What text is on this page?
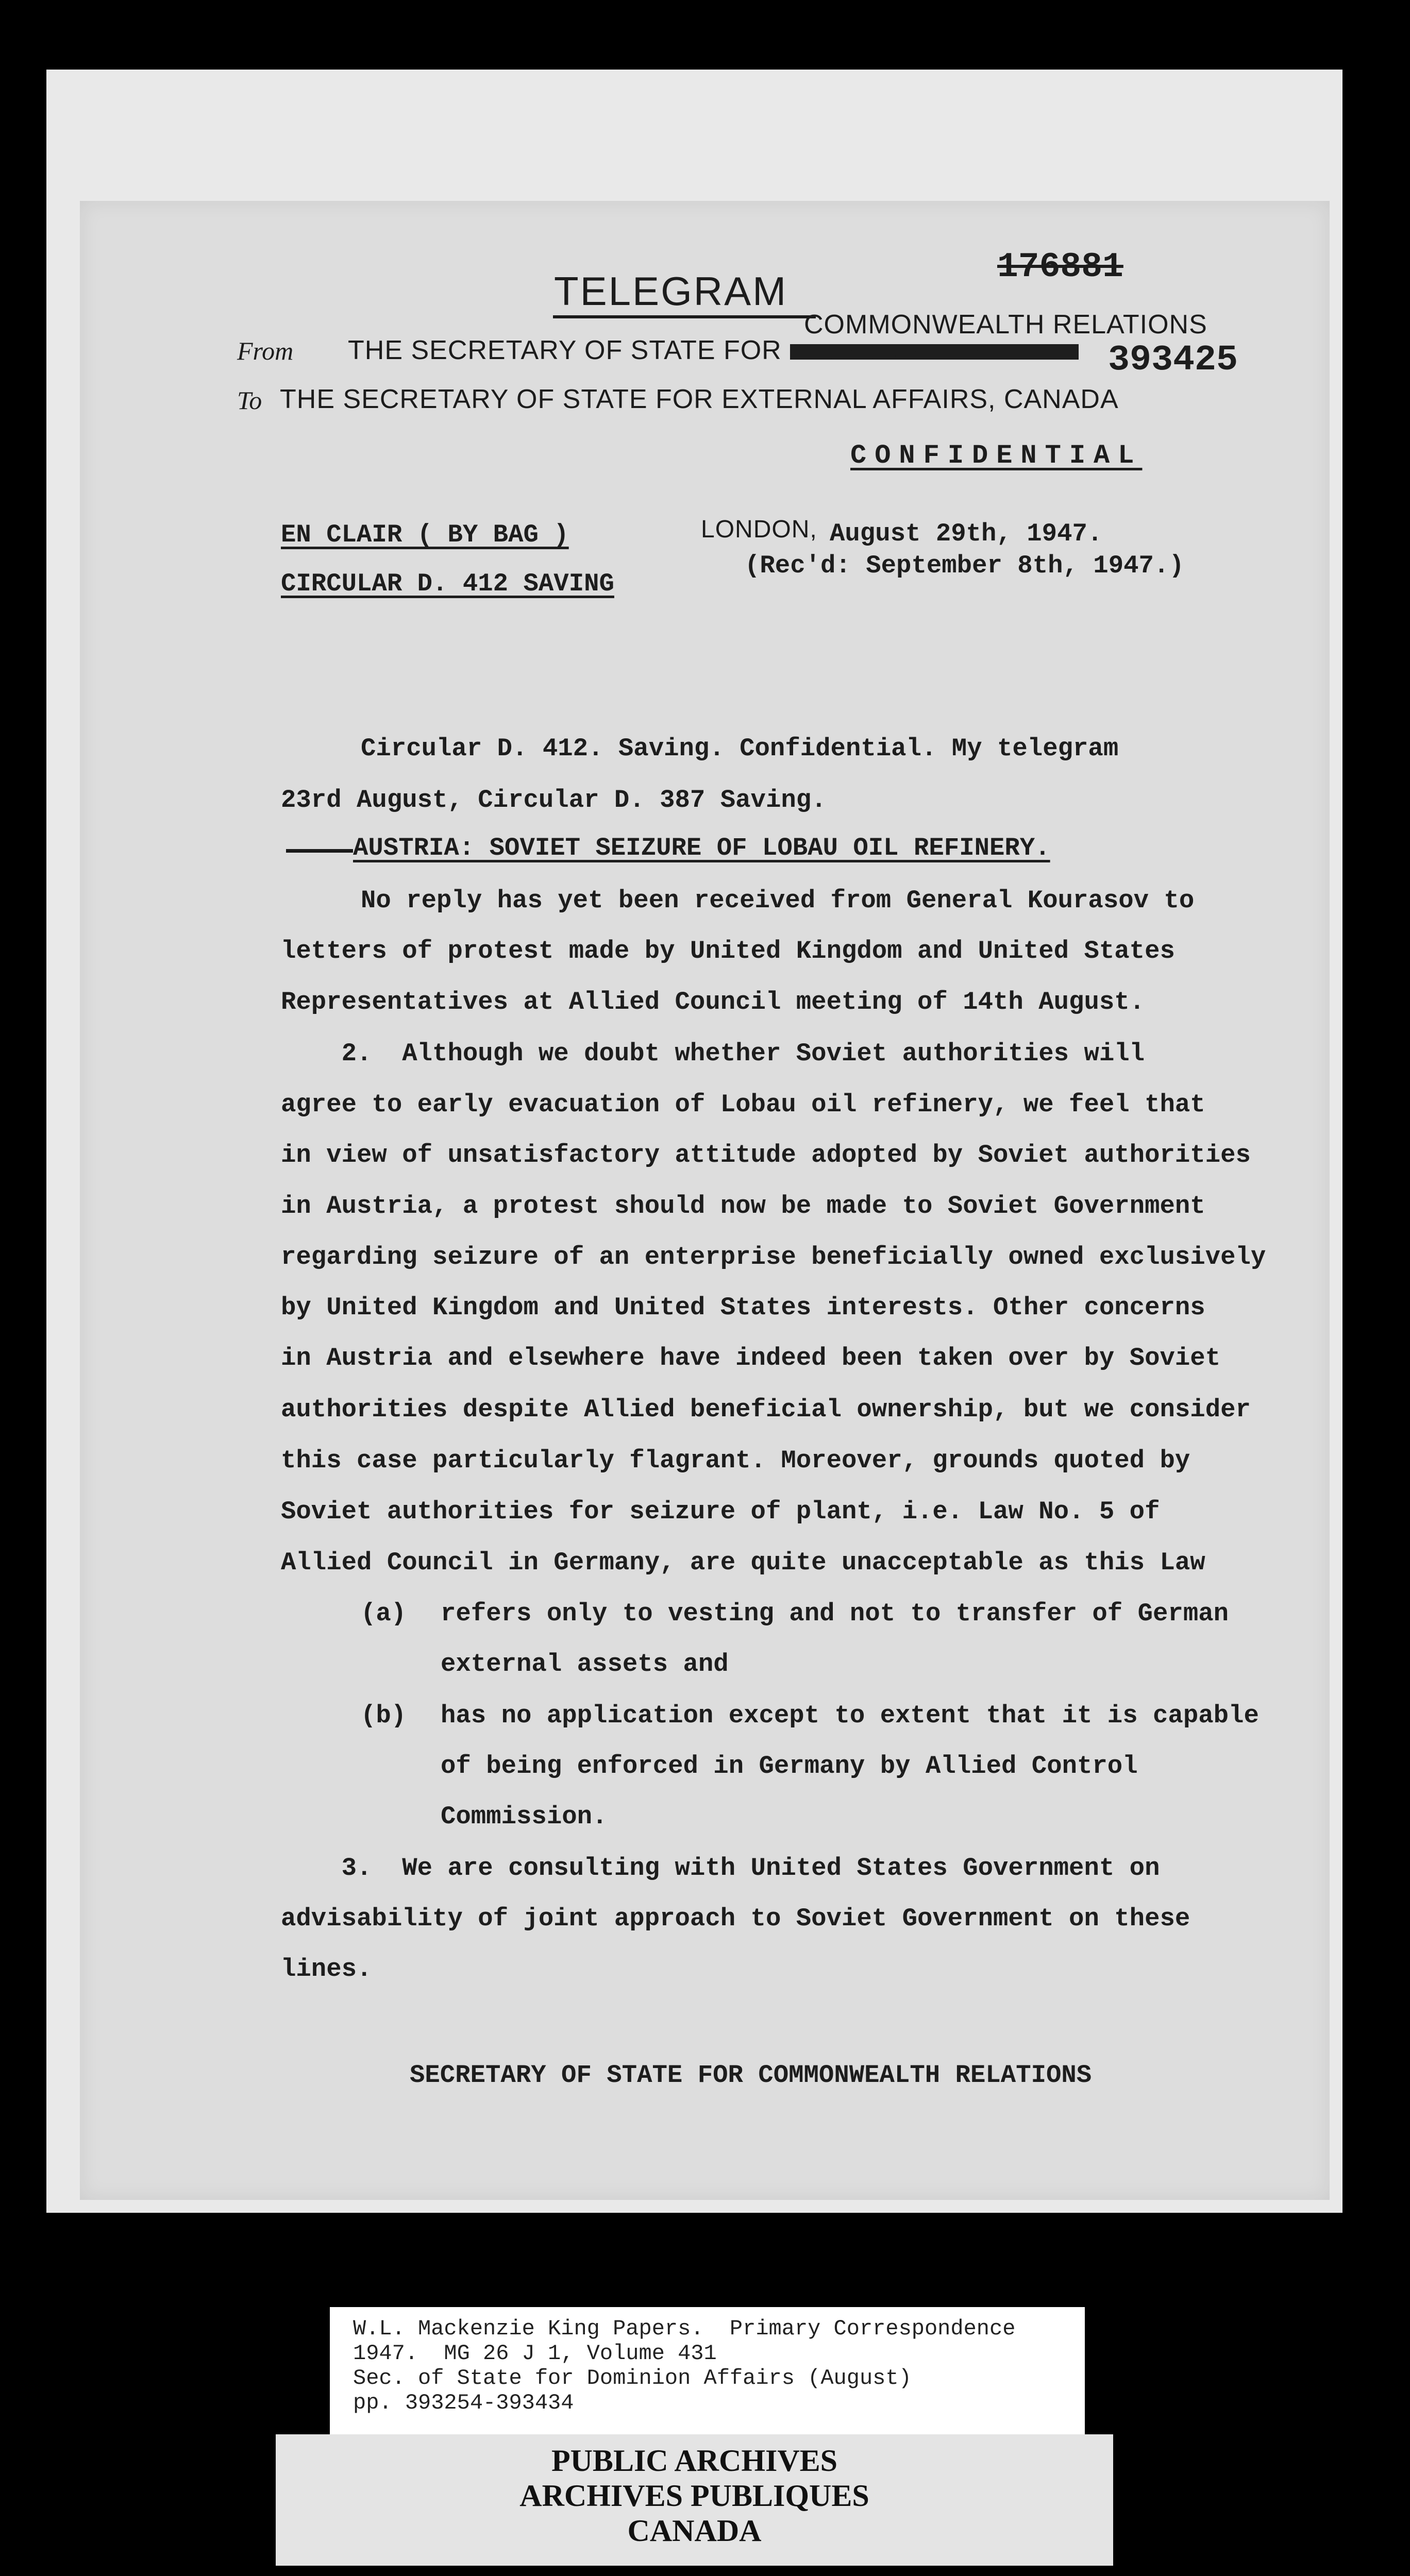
TELEGRAM
176881
393425
COMMONWEALTH RELATIONS
From THE SECRETARY OF STATE FOR DOMINION AFFAIRS
To THE SECRETARY OF STATE FOR EXTERNAL AFFAIRS, CANADA
CONFIDENTIAL
EN CLAIR ( BY BAG )
CIRCULAR D. 412 SAVING
LONDON, August 29th, 1947.
(Rec'd: September 8th, 1947.)
Circular D. 412. Saving. Confidential. My telegram
23rd August, Circular D. 387 Saving.
AUSTRIA: SOVIET SEIZURE OF LOBAU OIL REFINERY.
No reply has yet been received from General Kourasov to
letters of protest made by United Kingdom and United States
Representatives at Allied Council meeting of 14th August.
2.  Although we doubt whether Soviet authorities will
agree to early evacuation of Lobau oil refinery, we feel that
in view of unsatisfactory attitude adopted by Soviet authorities
in Austria, a protest should now be made to Soviet Government
regarding seizure of an enterprise beneficially owned exclusively
by United Kingdom and United States interests. Other concerns
in Austria and elsewhere have indeed been taken over by Soviet
authorities despite Allied beneficial ownership, but we consider
this case particularly flagrant. Moreover, grounds quoted by
Soviet authorities for seizure of plant, i.e. Law No. 5 of
Allied Council in Germany, are quite unacceptable as this Law
(a) refers only to vesting and not to transfer of German
external assets and
(b) has no application except to extent that it is capable
of being enforced in Germany by Allied Control
Commission.
3.  We are consulting with United States Government on
advisability of joint approach to Soviet Government on these
lines.
SECRETARY OF STATE FOR COMMONWEALTH RELATIONS
W.L. Mackenzie King Papers.  Primary Correspondence
1947.  MG 26 J 1, Volume 431
Sec. of State for Dominion Affairs (August)
pp. 393254-393434
PUBLIC ARCHIVES
ARCHIVES PUBLIQUES
CANADA
